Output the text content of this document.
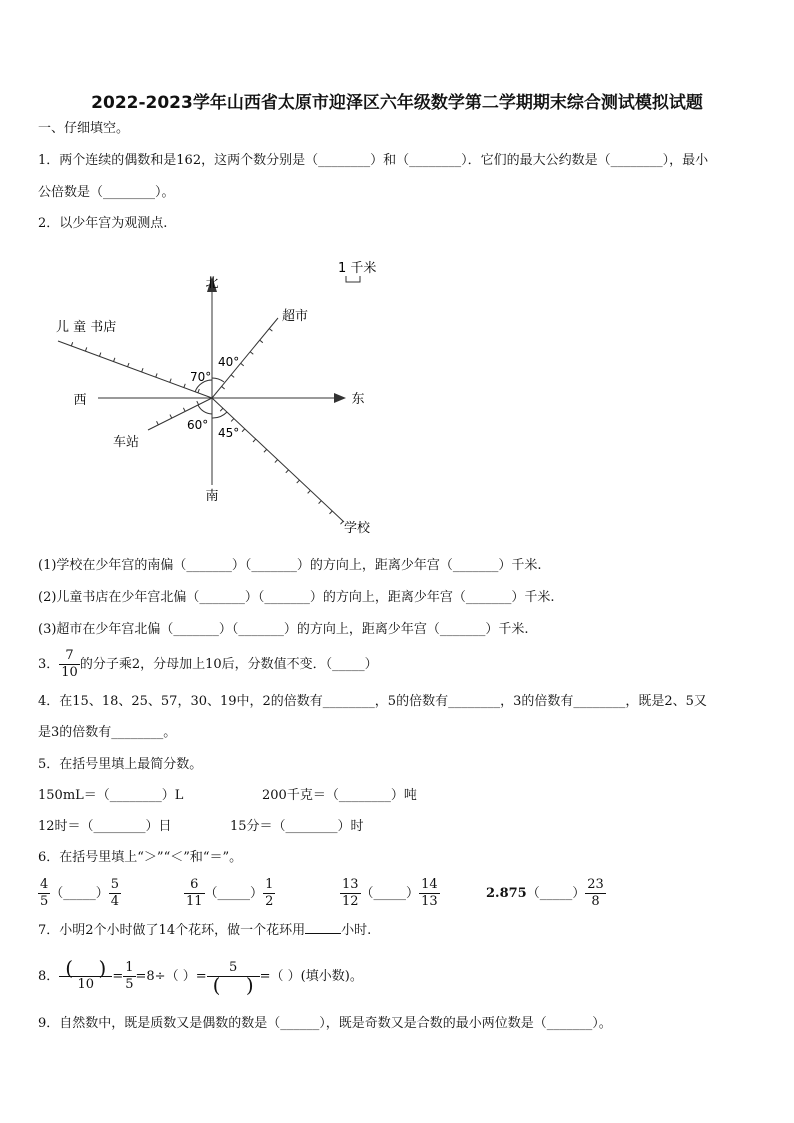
2022-2023学年山西省太原市迎泽区六年级数学第二学期期末综合测试模拟试题
一、仔细填空。
1．两个连续的偶数和是162，这两个数分别是（________）和（________）．它们的最大公约数是（________），最小
公倍数是（________）。
2．以少年宫为观测点.
北
南
东
西
1 千米
超市
儿 童 书店
车站
学校
40°
70°
60°
45°
(1)学校在少年宫的南偏（_______）（_______）的方向上，距离少年宫（_______）千米.
(2)儿童书店在少年宫北偏（_______）（_______）的方向上，距离少年宫（_______）千米.
(3)超市在少年宫北偏（_______）（_______）的方向上，距离少年宫（_______）千米.
3． $\frac{7}{10}$ 的分子乘2，分母加上10后，分数值不变．（_____）
4．在15、18、25、57，30、19中，2的倍数有________，5的倍数有________，3的倍数有________，既是2、5又
是3的倍数有________。
5．在括号里填上最简分数。
150mL＝（________）L	200千克＝（________）吨
12时＝（________）日	15分＝（________）时
6．在括号里填上“＞”“＜”和“＝”。
$\frac{4}{5}$ （_____） $\frac{5}{4}$	$\frac{6}{11}$ （_____） $\frac{1}{2}$	$\frac{13}{12}$ （_____） $\frac{14}{13}$	2.875（_____） $\frac{23}{8}$
7．小明2个小时做了14个花环，做一个花环用	小时.
8． $\frac{( )}{10} = \frac{1}{5} =8\div$（ ）= $\frac{5}{( )}$ =（ ）(填小数)。
9．自然数中，既是质数又是偶数的数是（______），既是奇数又是合数的最小两位数是（_______）。
